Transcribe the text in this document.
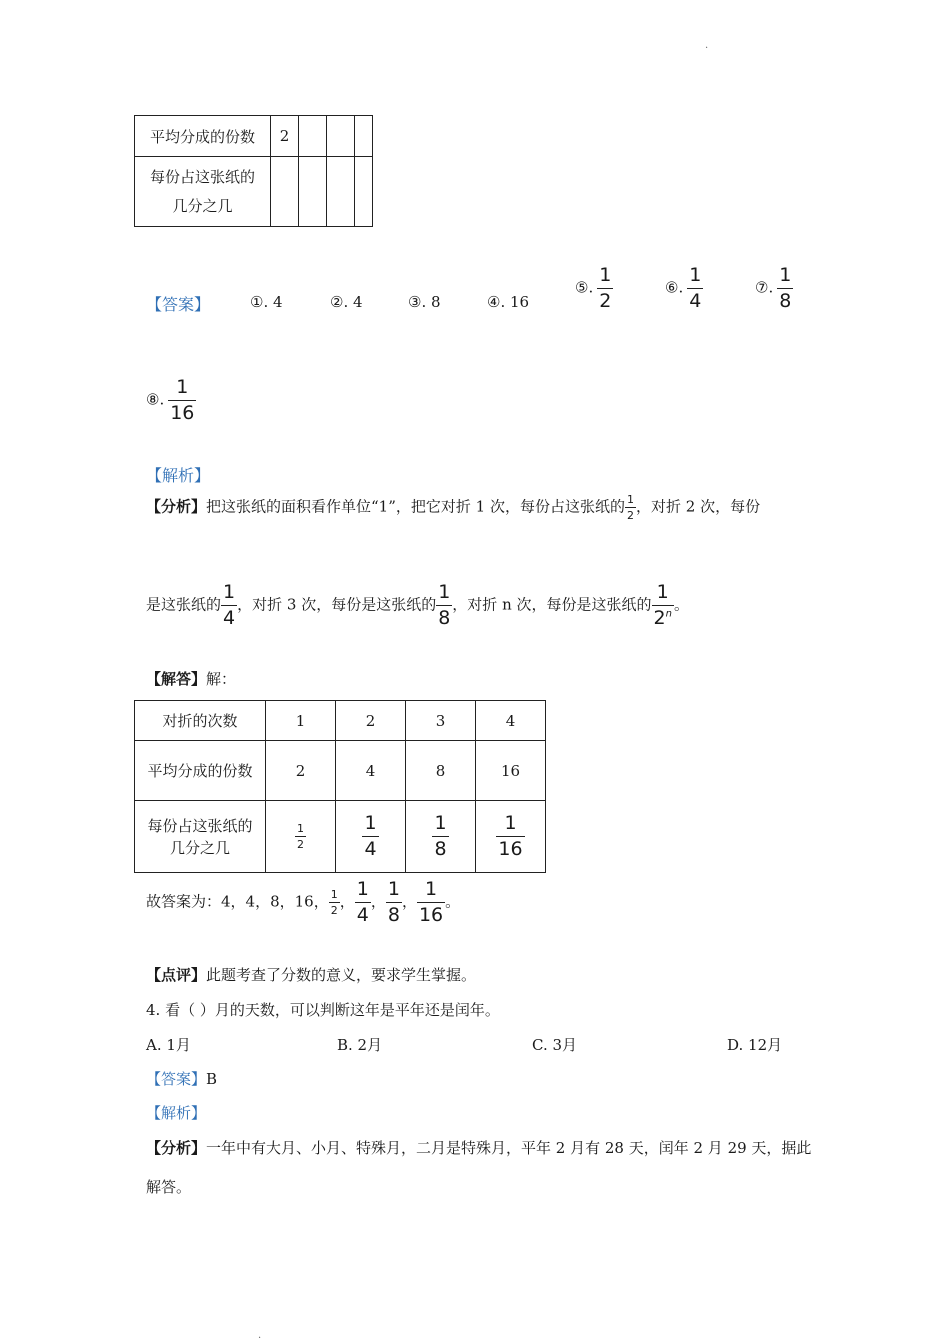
.
.
平均分成的份数	2			
每份占这张纸的
几分之几				
【答案】	①. 4	②. 4	③. 8	④. 16
⑤. $\frac{1}{2}$	⑥. $\frac{1}{4}$	⑦. $\frac{1}{8}$
⑧. $\frac{1}{16}$
【解析】
【分析】把这张纸的面积看作单位“1”，把它对折 1 次，每份占这张纸的 $\frac{1}{2}$ ，对折 2 次，每份
是这张纸的 $\frac{1}{4}$ ，对折 3 次，每份是这张纸的 $\frac{1}{8}$ ，对折 n 次，每份是这张纸的 $\frac{1}{2^n}$ 。
【解答】解：
对折的次数	1	2	3	4
平均分成的份数	2	4	8	16
每份占这张纸的几分之几	$\frac{1}{2}$	$\frac{1}{4}$	$\frac{1}{8}$	$\frac{1}{16}$
故答案为：4，4，8，16， $\frac{1}{2}$ ， $\frac{1}{4}$ ， $\frac{1}{8}$ ， $\frac{1}{16}$ 。
【点评】此题考查了分数的意义，要求学生掌握。
4. 看（ ）月的天数，可以判断这年是平年还是闰年。
A. 1月	B. 2月	C. 3月	D. 12月
【答案】B
【解析】
【分析】一年中有大月、小月、特殊月，二月是特殊月，平年 2 月有 28 天，闰年 2 月 29 天，据此
解答。
